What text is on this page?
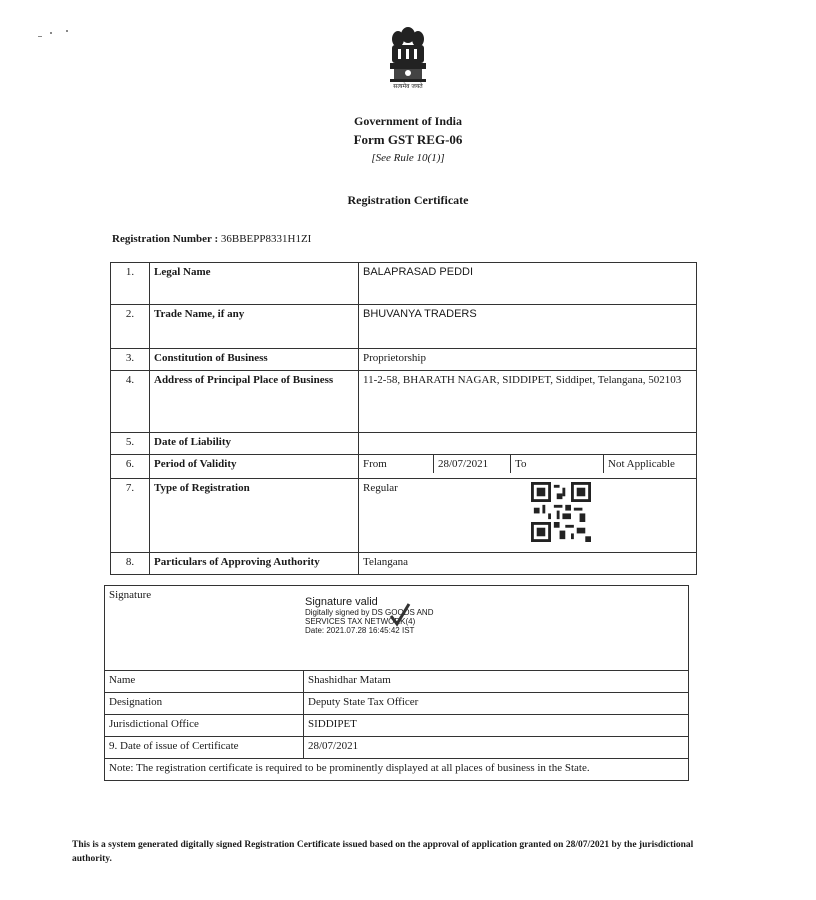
सत्यमेव जयते
Government of India
Form GST REG-06
[See Rule 10(1)]
Registration Certificate
Registration Number : 36BBEPP8331H1ZI
1.	Legal Name	BALAPRASAD PEDDI
2.	Trade Name, if any	BHUVANYA TRADERS
3.	Constitution of Business	Proprietorship
4.	Address of Principal Place of Business	11-2-58, BHARATH NAGAR, SIDDIPET, Siddipet, Telangana, 502103
5.	Date of Liability	
6.	Period of Validity		From	28/07/2021	To	Not Applicable

7.	Type of Registration	Regular
8.	Particulars of Approving Authority	Telangana
Signature
Signature valid
Digitally signed by DS GOODS AND
SERVICES TAX NETWORK(4)
Date: 2021.07.28 16:45:42 IST	

Name	Shashidhar Matam
Designation	Deputy State Tax Officer
Jurisdictional Office	SIDDIPET
9. Date of issue of Certificate	28/07/2021
Note: The registration certificate is required to be prominently displayed at all places of business in the State.	
This is a system generated digitally signed Registration Certificate issued based on the approval of application granted on 28/07/2021 by the jurisdictional authority.
